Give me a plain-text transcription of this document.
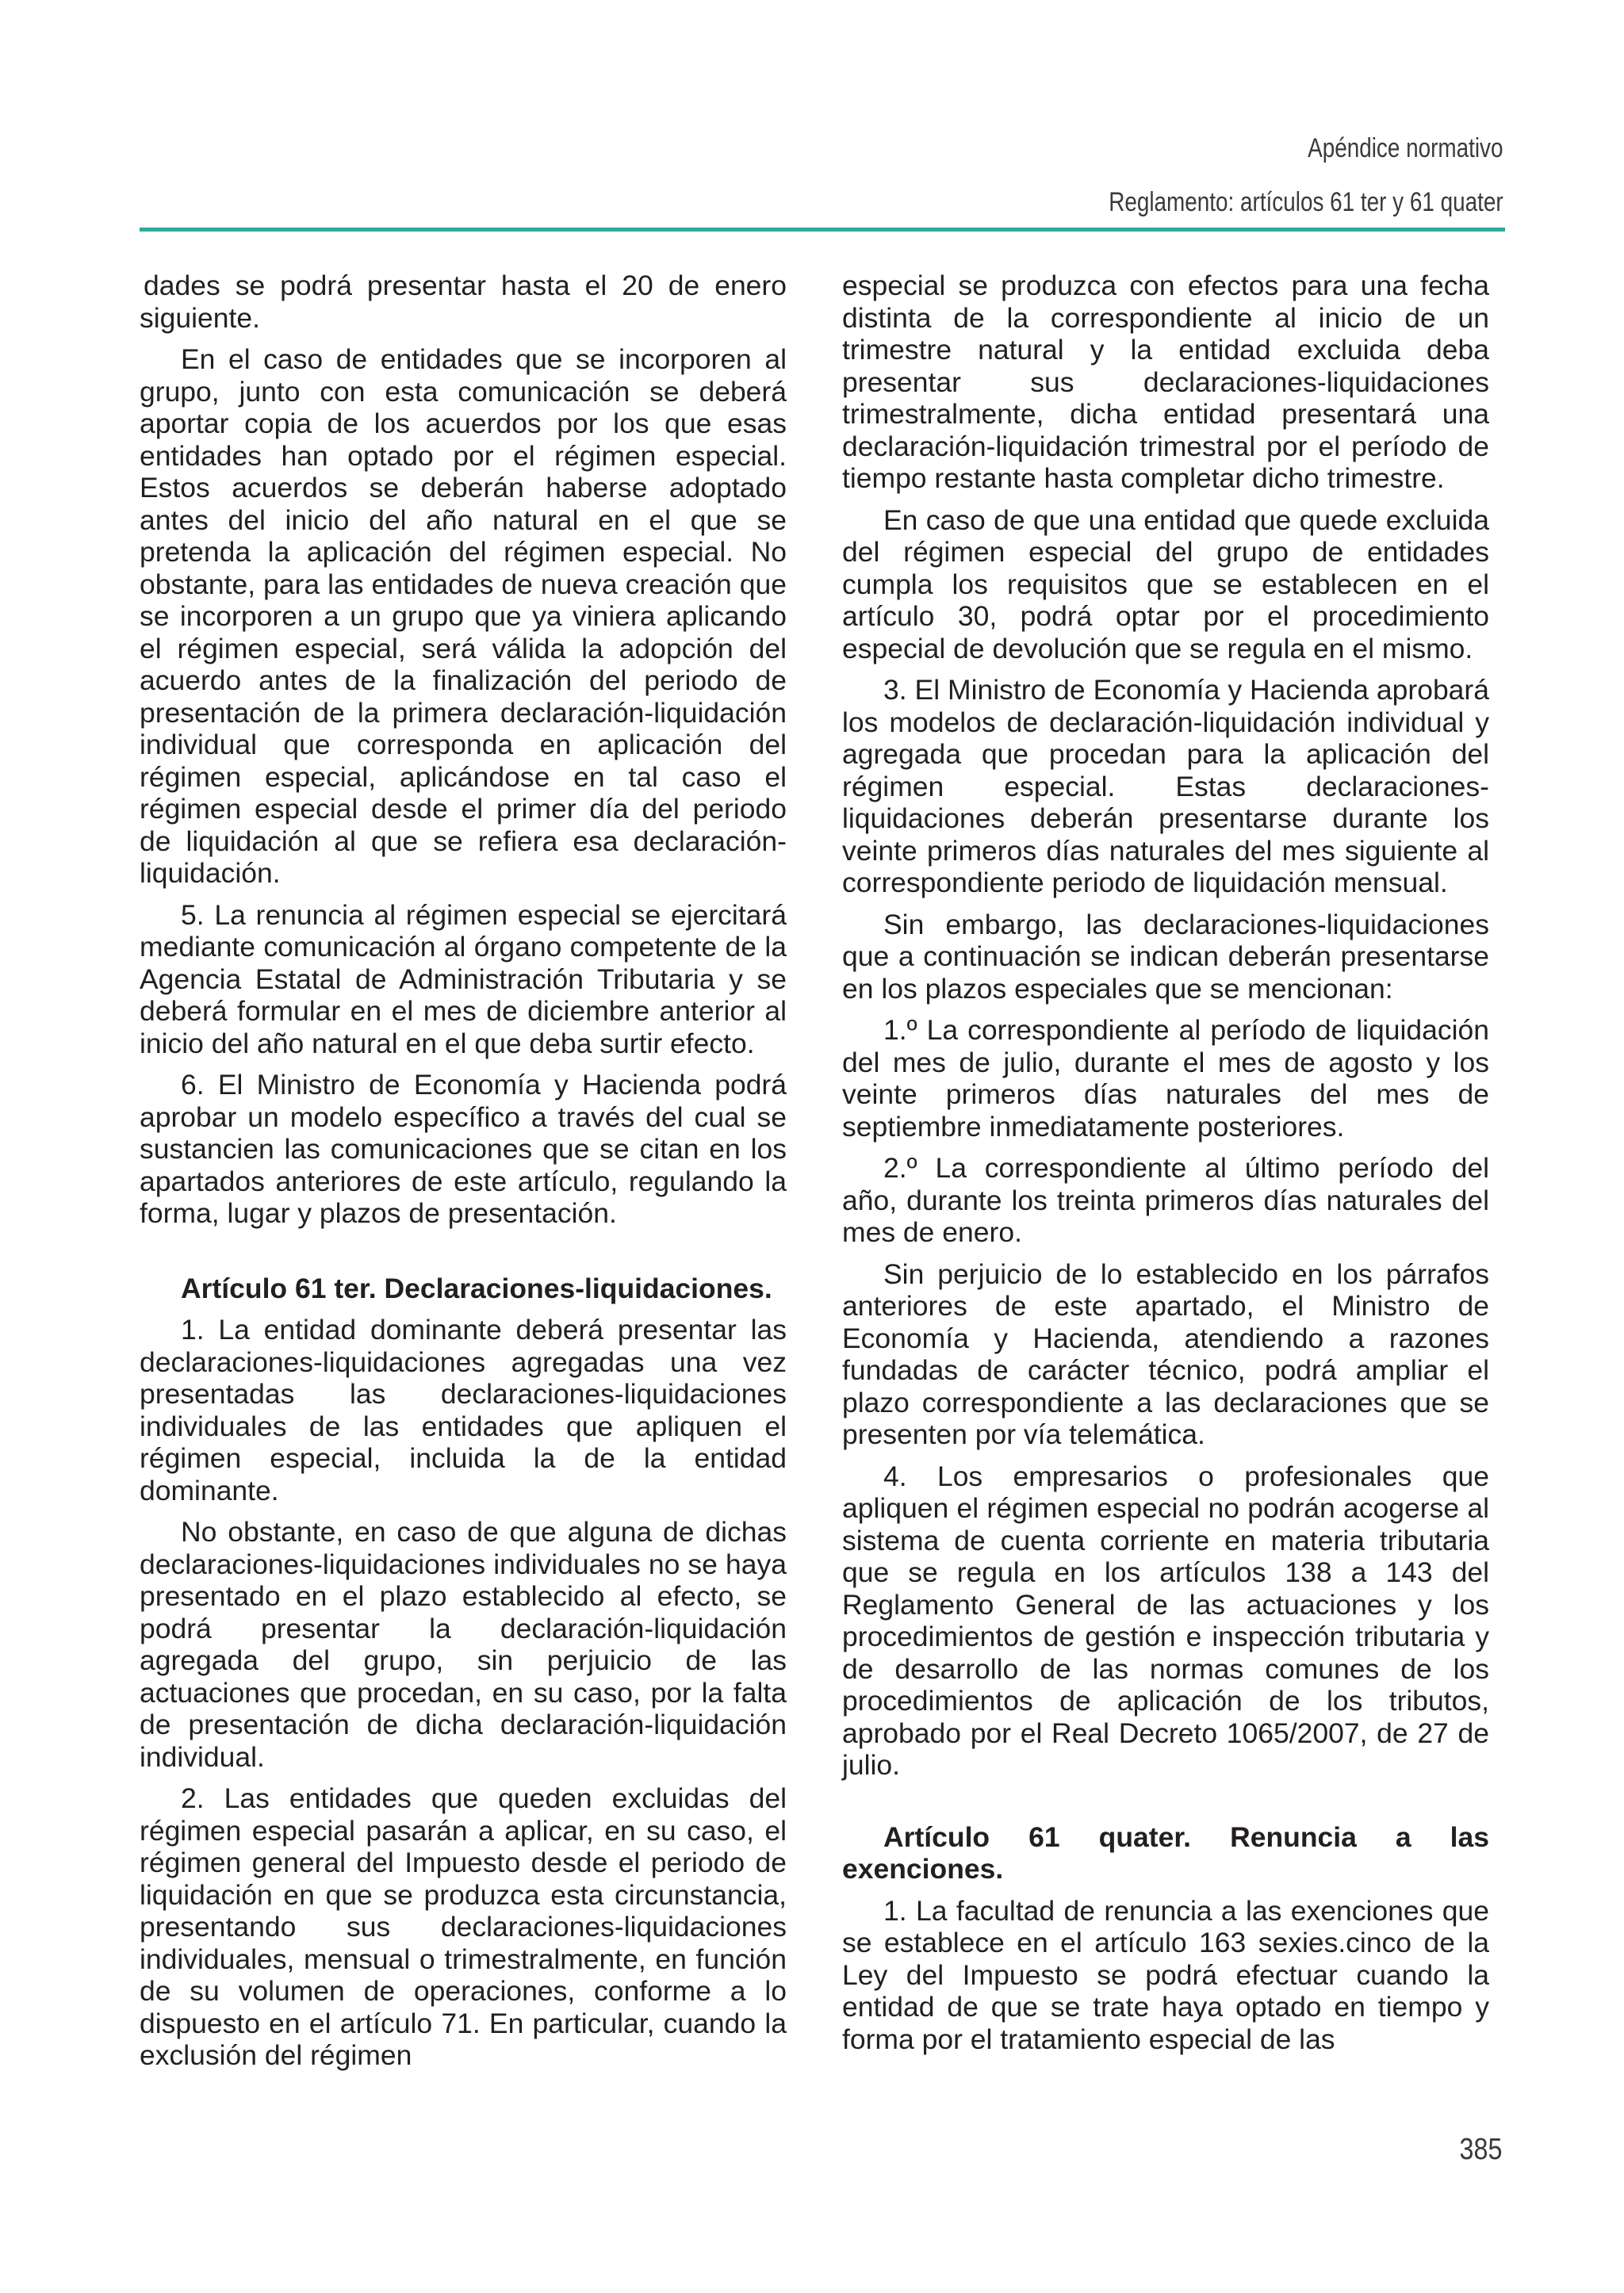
Apéndice normativo
Reglamento: artículos 61 ter y 61 quater

dades se podrá presentar hasta el 20 de enero siguiente.

En el caso de entidades que se incorporen al grupo, junto con esta comunicación se deberá aportar copia de los acuerdos por los que esas entidades han optado por el régimen especial. Estos acuerdos se deberán haberse adoptado antes del inicio del año natural en el que se pretenda la aplicación del régimen especial. No obstante, para las entidades de nueva creación que se incorporen a un grupo que ya viniera aplicando el régimen especial, será válida la adopción del acuerdo antes de la finalización del periodo de presentación de la primera declaración-liquidación individual que corresponda en aplicación del régimen especial, aplicándose en tal caso el régimen especial desde el primer día del periodo de liquidación al que se refiera esa declaración-liquidación.

5. La renuncia al régimen especial se ejercitará mediante comunicación al órgano competente de la Agencia Estatal de Administración Tributaria y se deberá formular en el mes de diciembre anterior al inicio del año natural en el que deba surtir efecto.

6. El Ministro de Economía y Hacienda podrá aprobar un modelo específico a través del cual se sustancien las comunicaciones que se citan en los apartados anteriores de este artículo, regulando la forma, lugar y plazos de presentación.

Artículo 61 ter. Declaraciones-liquidaciones.

1. La entidad dominante deberá presentar las declaraciones-liquidaciones agregadas una vez presentadas las declaraciones-liquidaciones individuales de las entidades que apliquen el régimen especial, incluida la de la entidad dominante.

No obstante, en caso de que alguna de dichas declaraciones-liquidaciones individuales no se haya presentado en el plazo establecido al efecto, se podrá presentar la declaración-liquidación agregada del grupo, sin perjuicio de las actuaciones que procedan, en su caso, por la falta de presentación de dicha declaración-liquidación individual.

2. Las entidades que queden excluidas del régimen especial pasarán a aplicar, en su caso, el régimen general del Impuesto desde el periodo de liquidación en que se produzca esta circunstancia, presentando sus declaraciones-liquidaciones individuales, mensual o trimestralmente, en función de su volumen de operaciones, conforme a lo dispuesto en el artículo 71. En particular, cuando la exclusión del régimen

especial se produzca con efectos para una fecha distinta de la correspondiente al inicio de un trimestre natural y la entidad excluida deba presentar sus declaraciones-liquidaciones trimestralmente, dicha entidad presentará una declaración-liquidación trimestral por el período de tiempo restante hasta completar dicho trimestre.

En caso de que una entidad que quede excluida del régimen especial del grupo de entidades cumpla los requisitos que se establecen en el artículo 30, podrá optar por el procedimiento especial de devolución que se regula en el mismo.

3. El Ministro de Economía y Hacienda aprobará los modelos de declaración-liquidación individual y agregada que procedan para la aplicación del régimen especial. Estas declaraciones-liquidaciones deberán presentarse durante los veinte primeros días naturales del mes siguiente al correspondiente periodo de liquidación mensual.

Sin embargo, las declaraciones-liquidaciones que a continuación se indican deberán presentarse en los plazos especiales que se mencionan:

1.º La correspondiente al período de liquidación del mes de julio, durante el mes de agosto y los veinte primeros días naturales del mes de septiembre inmediatamente posteriores.

2.º La correspondiente al último período del año, durante los treinta primeros días naturales del mes de enero.

Sin perjuicio de lo establecido en los párrafos anteriores de este apartado, el Ministro de Economía y Hacienda, atendiendo a razones fundadas de carácter técnico, podrá ampliar el plazo correspondiente a las declaraciones que se presenten por vía telemática.

4. Los empresarios o profesionales que apliquen el régimen especial no podrán acogerse al sistema de cuenta corriente en materia tributaria que se regula en los artículos 138 a 143 del Reglamento General de las actuaciones y los procedimientos de gestión e inspección tributaria y de desarrollo de las normas comunes de los procedimientos de aplicación de los tributos, aprobado por el Real Decreto 1065/2007, de 27 de julio.

Artículo 61 quater. Renuncia a las exenciones.

1. La facultad de renuncia a las exenciones que se establece en el artículo 163 sexies.cinco de la Ley del Impuesto se podrá efectuar cuando la entidad de que se trate haya optado en tiempo y forma por el tratamiento especial de las

385
